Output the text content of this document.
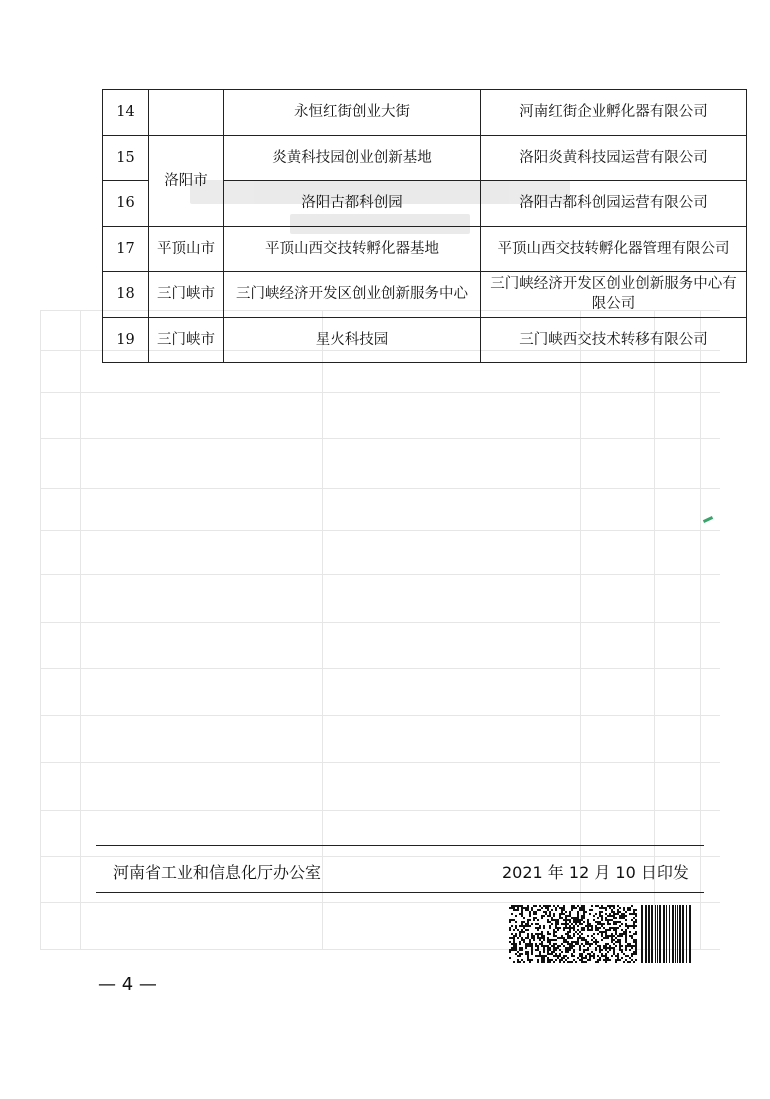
14		永恒红街创业大街	河南红街企业孵化器有限公司
15	洛阳市	炎黄科技园创业创新基地	洛阳炎黄科技园运营有限公司
16		洛阳古都科创园	洛阳古都科创园运营有限公司
17	平顶山市	平顶山西交技转孵化器基地	平顶山西交技转孵化器管理有限公司
18	三门峡市	三门峡经济开发区创业创新服务中心	三门峡经济开发区创业创新服务中心有
限公司
19	三门峡市	星火科技园	三门峡西交技术转移有限公司
河南省工业和信息化厅办公室	2021 年 12 月 10 日印发
— 4 —
